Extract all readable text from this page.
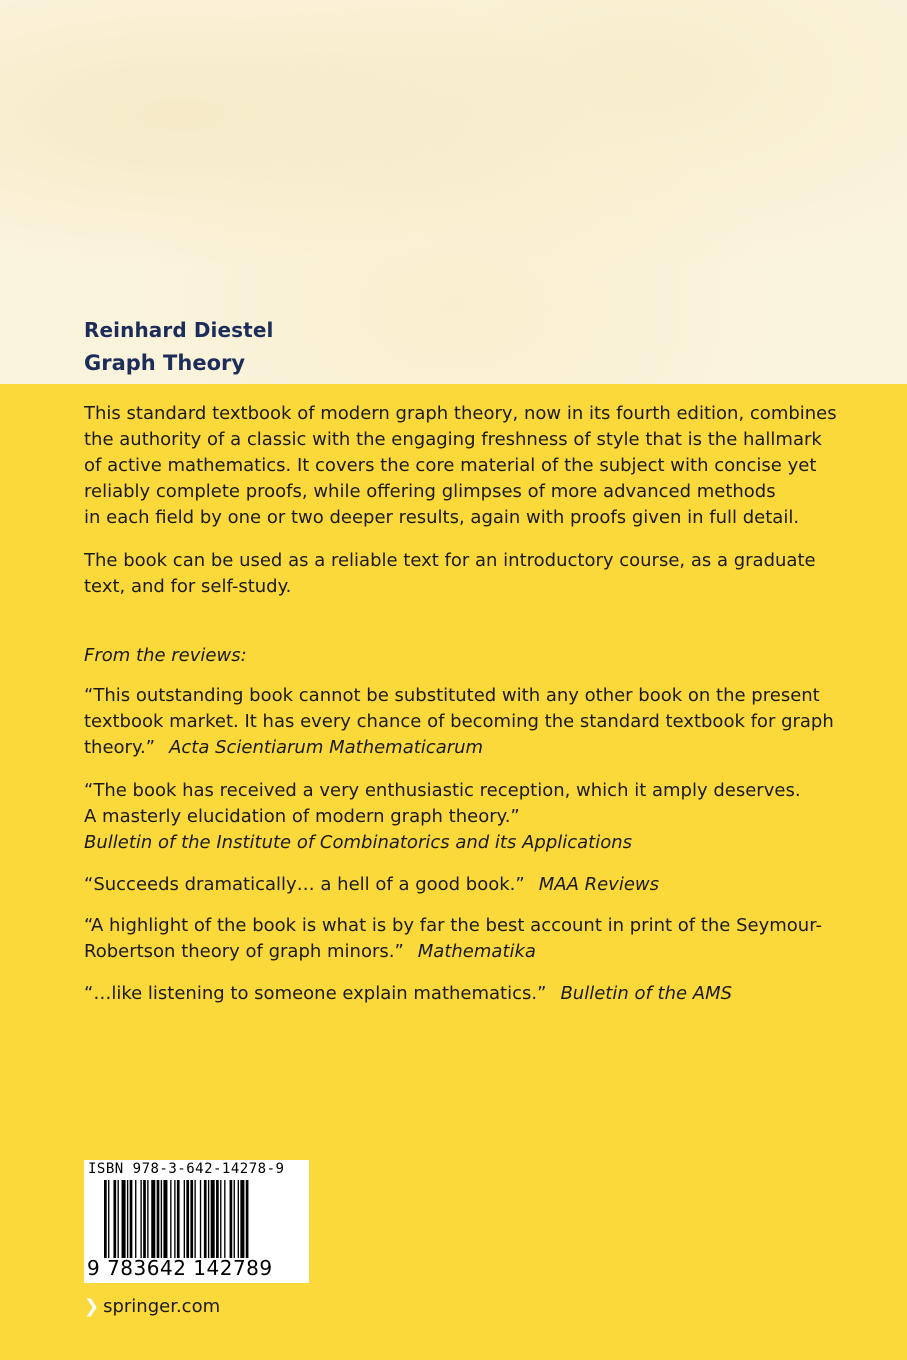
Reinhard Diestel
Graph Theory
This standard textbook of modern graph theory, now in its fourth edition, combines
the authority of a classic with the engaging freshness of style that is the hallmark
of active mathematics. It covers the core material of the subject with concise yet
reliably complete proofs, while offering glimpses of more advanced methods
in each field by one or two deeper results, again with proofs given in full detail.
The book can be used as a reliable text for an introductory course, as a graduate
text, and for self-study.
From the reviews:
“This outstanding book cannot be substituted with any other book on the present
textbook market. It has every chance of becoming the standard textbook for graph
theory.” Acta Scientiarum Mathematicarum
“The book has received a very enthusiastic reception, which it amply deserves.
A masterly elucidation of modern graph theory.”
Bulletin of the Institute of Combinatorics and its Applications
“Succeeds dramatically… a hell of a good book.” MAA Reviews
“A highlight of the book is what is by far the best account in print of the Seymour-
Robertson theory of graph minors.” Mathematika
“…like listening to someone explain mathematics.” Bulletin of the AMS
ISBN 978-3-642-14278-9
9 783642 142789
❯ springer.com
